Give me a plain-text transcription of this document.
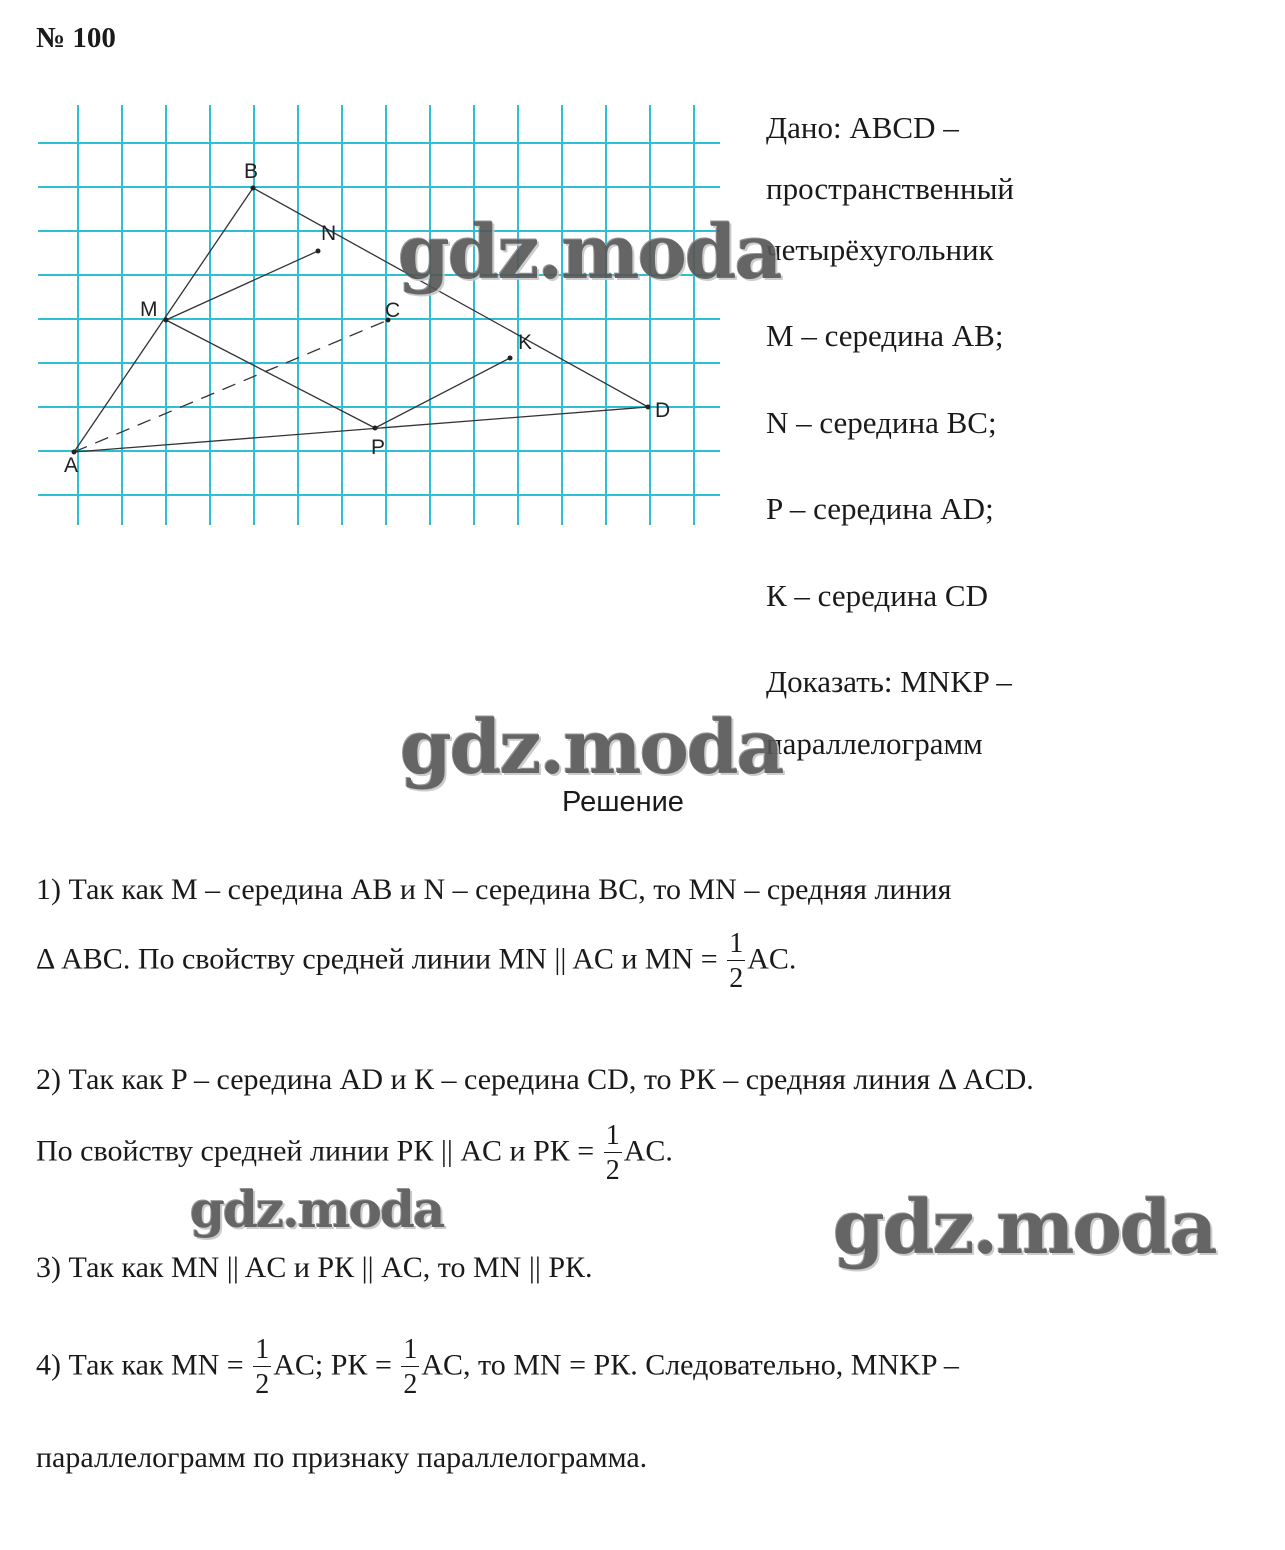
№ 100
A
B
C
D
M
N
P
K
Дано: ABCD –
пространственный
четырёхугольник
M – середина AB;
N – середина BC;
P – середина AD;
К – середина CD
Доказать: MNKP –
параллелограмм
Решение
1) Так как M – середина AB и N – середина BC, то MN – средняя линия
Δ ABC. По свойству средней линии MN || AC и MN = $\frac{1}{2}$ AC.
2) Так как P – середина AD и К – середина CD, то PК – средняя линия Δ ACD.
По свойству средней линии PК || AC и PК = $\frac{1}{2}$ AC.
3) Так как MN || AC и PК || AC, то MN || PК.
4) Так как MN = $\frac{1}{2}$ AC; PК = $\frac{1}{2}$ AC, то MN = PК. Следовательно, MNKP –
параллелограмм по признаку параллелограмма.
gdz.moda
gdz.moda
gdz.moda	gdz.moda
